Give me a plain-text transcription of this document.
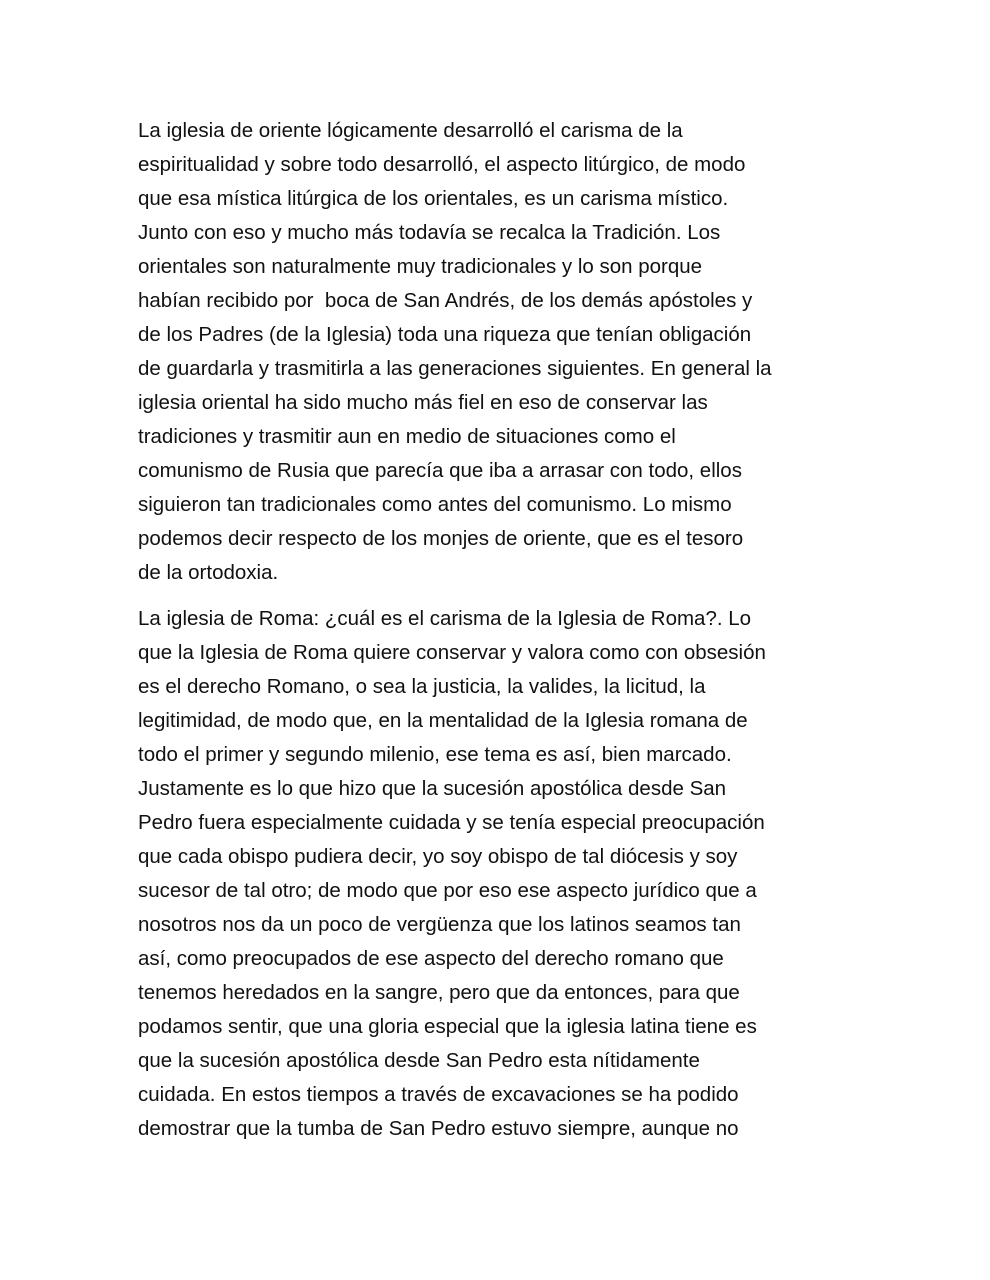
La iglesia de oriente lógicamente desarrolló el carisma de la
espiritualidad y sobre todo desarrolló, el aspecto litúrgico, de modo
que esa mística litúrgica de los orientales, es un carisma místico.
Junto con eso y mucho más todavía se recalca la Tradición. Los
orientales son naturalmente muy tradicionales y lo son porque
habían recibido por  boca de San Andrés, de los demás apóstoles y
de los Padres (de la Iglesia) toda una riqueza que tenían obligación
de guardarla y trasmitirla a las generaciones siguientes. En general la
iglesia oriental ha sido mucho más fiel en eso de conservar las
tradiciones y trasmitir aun en medio de situaciones como el
comunismo de Rusia que parecía que iba a arrasar con todo, ellos
siguieron tan tradicionales como antes del comunismo. Lo mismo
podemos decir respecto de los monjes de oriente, que es el tesoro
de la ortodoxia.

La iglesia de Roma: ¿cuál es el carisma de la Iglesia de Roma?. Lo
que la Iglesia de Roma quiere conservar y valora como con obsesión
es el derecho Romano, o sea la justicia, la valides, la licitud, la
legitimidad, de modo que, en la mentalidad de la Iglesia romana de
todo el primer y segundo milenio, ese tema es así, bien marcado.
Justamente es lo que hizo que la sucesión apostólica desde San
Pedro fuera especialmente cuidada y se tenía especial preocupación
que cada obispo pudiera decir, yo soy obispo de tal diócesis y soy
sucesor de tal otro; de modo que por eso ese aspecto jurídico que a
nosotros nos da un poco de vergüenza que los latinos seamos tan
así, como preocupados de ese aspecto del derecho romano que
tenemos heredados en la sangre, pero que da entonces, para que
podamos sentir, que una gloria especial que la iglesia latina tiene es
que la sucesión apostólica desde San Pedro esta nítidamente
cuidada. En estos tiempos a través de excavaciones se ha podido
demostrar que la tumba de San Pedro estuvo siempre, aunque no
